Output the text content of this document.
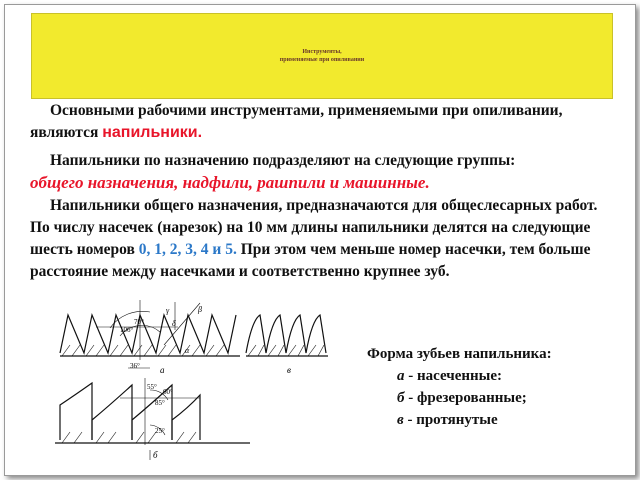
Инструменты,
применяемые при опиливании

Основными рабочими инструментами, применяемыми при опиливании, являются напильники.

Напильники по назначению подразделяют на следующие группы:
общего назначения, надфили, рашпили и машинные.

Напильники общего назначения, предназначаются для общеслесарных работ. По числу насечек (нарезок) на 10 мм длины напильники делятся на следующие шесть номеров 0, 1, 2, 3, 4 и 5. При этом чем меньше номер насечки, тем больше расстояние между насечками и соответственно крупнее зуб.

70°
106°
36°
β
γ
δ
α
а	в
55°
60°
85°
25°
б
Форма зубьев напильника:
а - насеченные:
б - фрезерованные;
в - протянутые
